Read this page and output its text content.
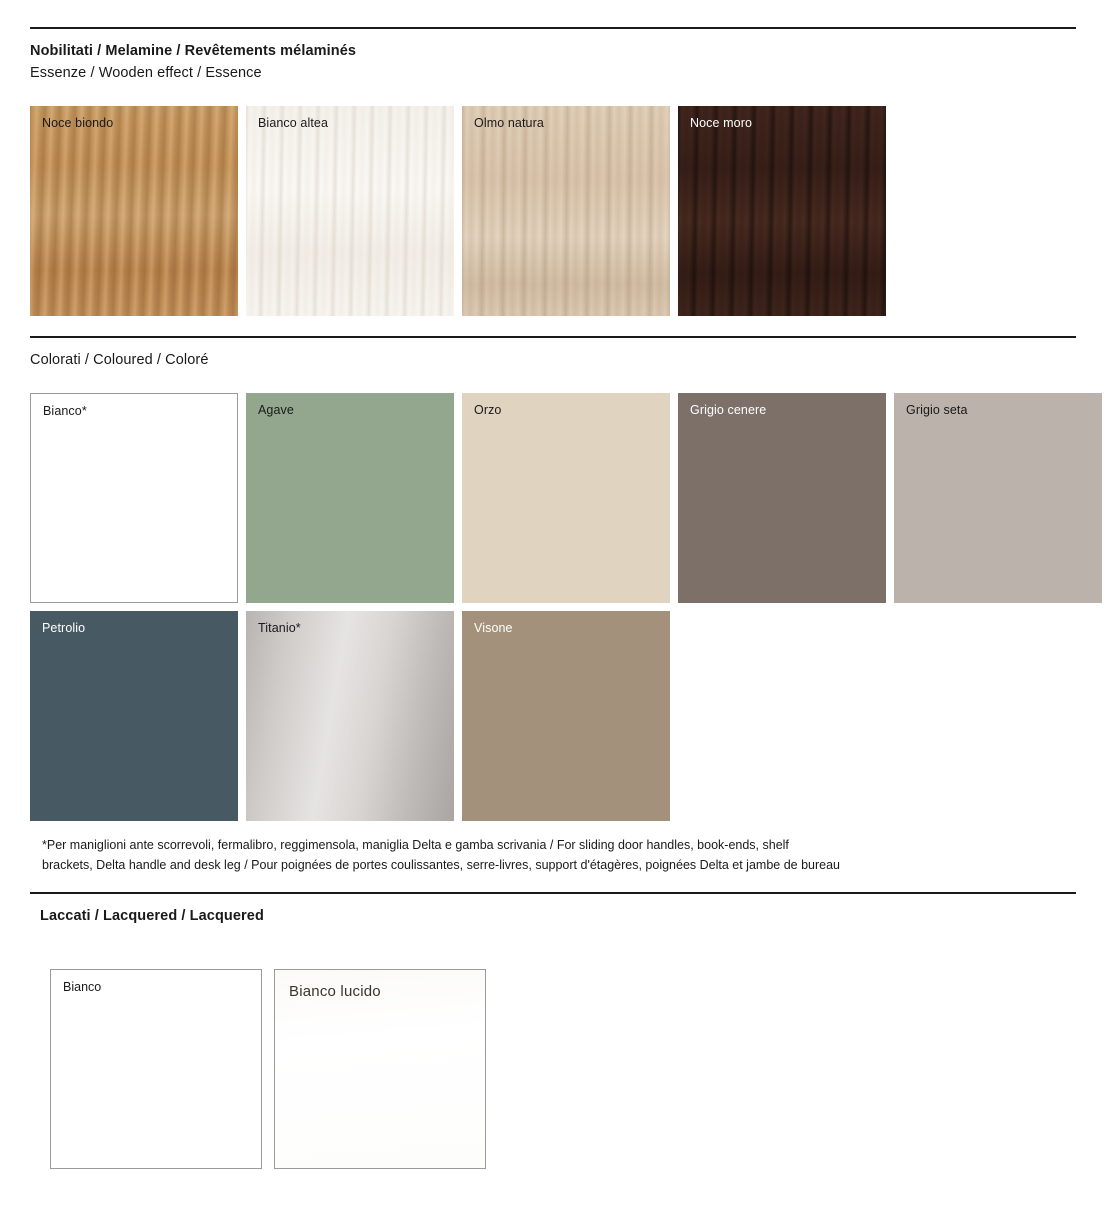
Nobilitati / Melamine / Revêtements mélaminés
Essenze / Wooden effect / Essence
Noce biondo	Bianco altea	Olmo natura	Noce moro
Colorati / Coloured / Coloré
Bianco*	Agave	Orzo	Grigio cenere	Grigio seta
Petrolio	Titanio*	Visone
*Per maniglioni ante scorrevoli, fermalibro, reggimensola, maniglia Delta e gamba scrivania / For sliding door handles, book-ends, shelf
brackets, Delta handle and desk leg / Pour poignées de portes coulissantes, serre-livres, support d'étagères, poignées Delta et jambe de bureau
Laccati / Lacquered / Lacquered
Bianco	Bianco lucido
